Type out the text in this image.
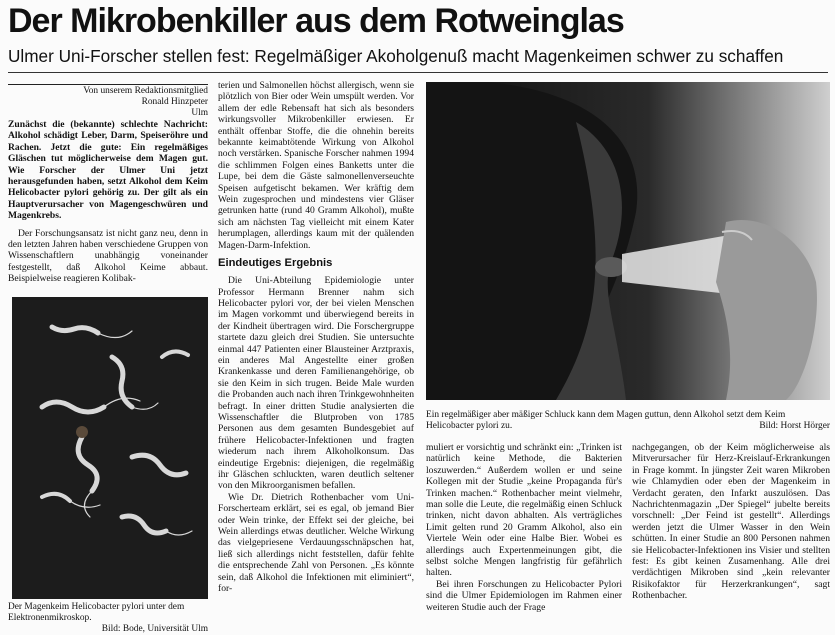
Der Mikrobenkiller aus dem Rotweinglas
Ulmer Uni-Forscher stellen fest: Regelmäßiger Akoholgenuß macht Magenkeimen schwer zu schaffen
Von unserem Redaktionsmitglied
Ronald Hinzpeter
Ulm

Zunächst die (bekannte) schlechte Nachricht: Alkohol schädigt Leber, Darm, Speiseröhre und Rachen. Jetzt die gute: Ein regelmäßiges Gläschen tut möglicherweise dem Magen gut. Wie Forscher der Ulmer Uni jetzt herausgefunden haben, setzt Alkohol dem Keim Helicobacter pylori gehörig zu. Der gilt als ein Hauptverursacher von Magengeschwüren und Magenkrebs.

Der Forschungsansatz ist nicht ganz neu, denn in den letzten Jahren haben verschiedene Gruppen von Wissenschaftlern unabhängig voneinander festgestellt, daß Alkohol Keime abbaut. Beispielweise reagieren Kolibak-

Der Magenkeim Helicobacter pylori unter dem Elektronenmikroskop.
Bild: Bode, Universität Ulm

terien und Salmonellen höchst allergisch, wenn sie plötzlich von Bier oder Wein umspült werden. Vor allem der edle Rebensaft hat sich als besonders wirkungsvoller Mikrobenkiller erwiesen. Er enthält offenbar Stoffe, die die ohnehin bereits bekannte keimabtötende Wirkung von Alkohol noch verstärken. Spanische Forscher nahmen 1994 die schlimmen Folgen eines Banketts unter die Lupe, bei dem die Gäste salmonellenverseuchte Speisen aufgetischt bekamen. Wer kräftig dem Wein zugesprochen und mindestens vier Gläser getrunken hatte (rund 40 Gramm Alkohol), mußte sich am nächsten Tag vielleicht mit einem Kater herumplagen, allerdings kaum mit der quälenden Magen-Darm-Infektion.

Eindeutiges Ergebnis

Die Uni-Abteilung Epidemiologie unter Professor Hermann Brenner nahm sich Helicobacter pylori vor, der bei vielen Menschen im Magen vorkommt und überwiegend bereits in der Kindheit übertragen wird. Die Forschergruppe startete dazu gleich drei Studien. Sie untersuchte einmal 447 Patienten einer Blausteiner Arztpraxis, ein anderes Mal Angestellte einer großen Krankenkasse und deren Familienangehörige, ob sie den Keim in sich trugen. Beide Male wurden die Probanden auch nach ihren Trinkgewohnheiten befragt. In einer dritten Studie analysierten die Wissenschaftler die Blutproben von 1785 Personen aus dem gesamten Bundesgebiet auf frühere Helicobacter-Infektionen und fragten wiederum nach ihrem Alkoholkonsum. Das eindeutige Ergebnis: diejenigen, die regelmäßig ihr Gläschen schluckten, waren deutlich seltener von den Mikroorganismen befallen.

Wie Dr. Dietrich Rothenbacher vom Uni-Forscherteam erklärt, sei es egal, ob jemand Bier oder Wein trinke, der Effekt sei der gleiche, bei Wein allerdings etwas deutlicher. Welche Wirkung das vielgepriesene Verdauungsschnäpschen hat, ließ sich allerdings nicht feststellen, dafür fehlte die entsprechende Zahl von Personen. „Es könnte sein, daß Alkohol die Infektionen mit eliminiert“, for-

Ein regelmäßiger aber mäßiger Schluck kann dem Magen guttun, denn Alkohol setzt dem Keim Helicobacter pylori zu.	Bild: Horst Hörger

muliert er vorsichtig und schränkt ein: „Trinken ist natürlich keine Methode, die Bakterien loszuwerden.“ Außerdem wollen er und seine Kollegen mit der Studie „keine Propaganda für's Trinken machen.“ Rothenbacher meint vielmehr, man solle die Leute, die regelmäßig einen Schluck trinken, nicht davon abhalten. Als verträgliches Limit gelten rund 20 Gramm Alkohol, also ein Viertele Wein oder eine Halbe Bier. Wobei es allerdings auch Expertenmeinungen gibt, die selbst solche Mengen langfristig für gefährlich halten.

Bei ihren Forschungen zu Helicobacter Pylori sind die Ulmer Epidemiologen im Rahmen einer weiteren Studie auch der Frage

nachgegangen, ob der Keim möglicherweise als Mitverursacher für Herz-Kreislauf-Erkrankungen in Frage kommt. In jüngster Zeit waren Mikroben wie Chlamydien oder eben der Magenkeim in Verdacht geraten, den Infarkt auszulösen. Das Nachrichtenmagazin „Der Spiegel“ jubelte bereits vorschnell: „Der Feind ist gestellt“. Allerdings werden jetzt die Ulmer Wasser in den Wein schütten. In einer Studie an 800 Personen nahmen sie Helicobacter-Infektionen ins Visier und stellten fest: Es gibt keinen Zusamenhang. Alle drei verdächtigen Mikroben sind „kein relevanter Risikofaktor für Herzerkrankungen“, sagt Rothenbacher.
